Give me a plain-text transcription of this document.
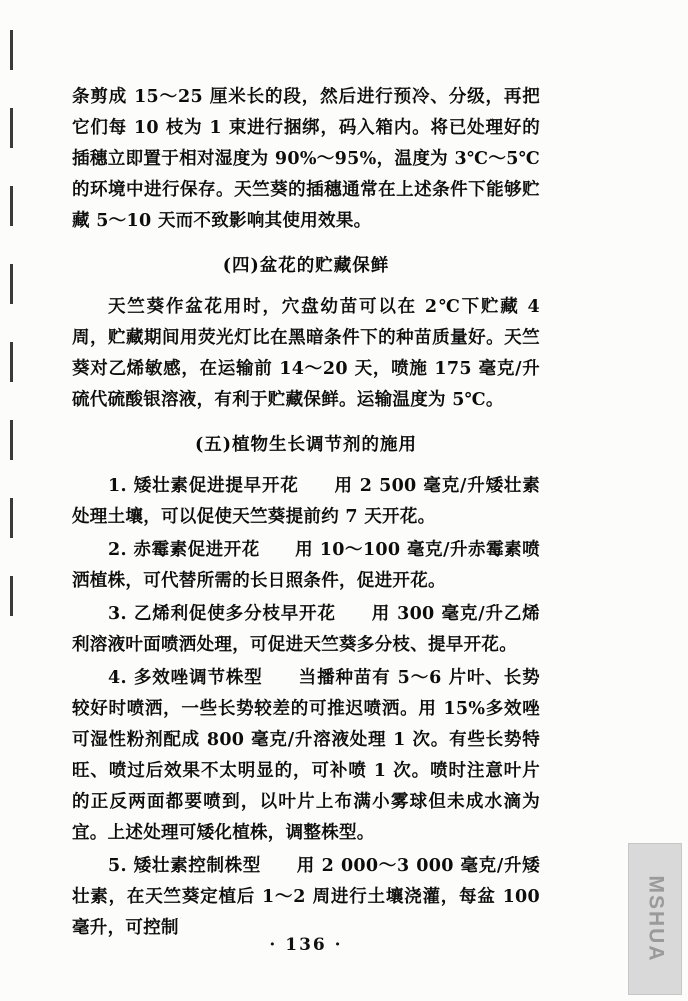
条剪成 15～25 厘米长的段，然后进行预冷、分级，再把它们每 10 枝为 1 束进行捆绑，码入箱内。将已处理好的插穗立即置于相对湿度为 90%～95%，温度为 3℃～5℃的环境中进行保存。天竺葵的插穗通常在上述条件下能够贮藏 5～10 天而不致影响其使用效果。

(四)盆花的贮藏保鲜

天竺葵作盆花用时，穴盘幼苗可以在 2℃下贮藏 4 周，贮藏期间用荧光灯比在黑暗条件下的种苗质量好。天竺葵对乙烯敏感，在运输前 14～20 天，喷施 175 毫克/升硫代硫酸银溶液，有利于贮藏保鲜。运输温度为 5℃。

(五)植物生长调节剂的施用

1. 矮壮素促进提早开花 用 2 500 毫克/升矮壮素处理土壤，可以促使天竺葵提前约 7 天开花。

2. 赤霉素促进开花 用 10～100 毫克/升赤霉素喷洒植株，可代替所需的长日照条件，促进开花。

3. 乙烯利促使多分枝早开花 用 300 毫克/升乙烯利溶液叶面喷洒处理，可促进天竺葵多分枝、提早开花。

4. 多效唑调节株型 当播种苗有 5～6 片叶、长势较好时喷洒，一些长势较差的可推迟喷洒。用 15%多效唑可湿性粉剂配成 800 毫克/升溶液处理 1 次。有些长势特旺、喷过后效果不太明显的，可补喷 1 次。喷时注意叶片的正反两面都要喷到，以叶片上布满小雾球但未成水滴为宜。上述处理可矮化植株，调整株型。

5. 矮壮素控制株型 用 2 000～3 000 毫克/升矮壮素，在天竺葵定植后 1～2 周进行土壤浇灌，每盆 100 毫升，可控制

· 136 ·	MSHUA
